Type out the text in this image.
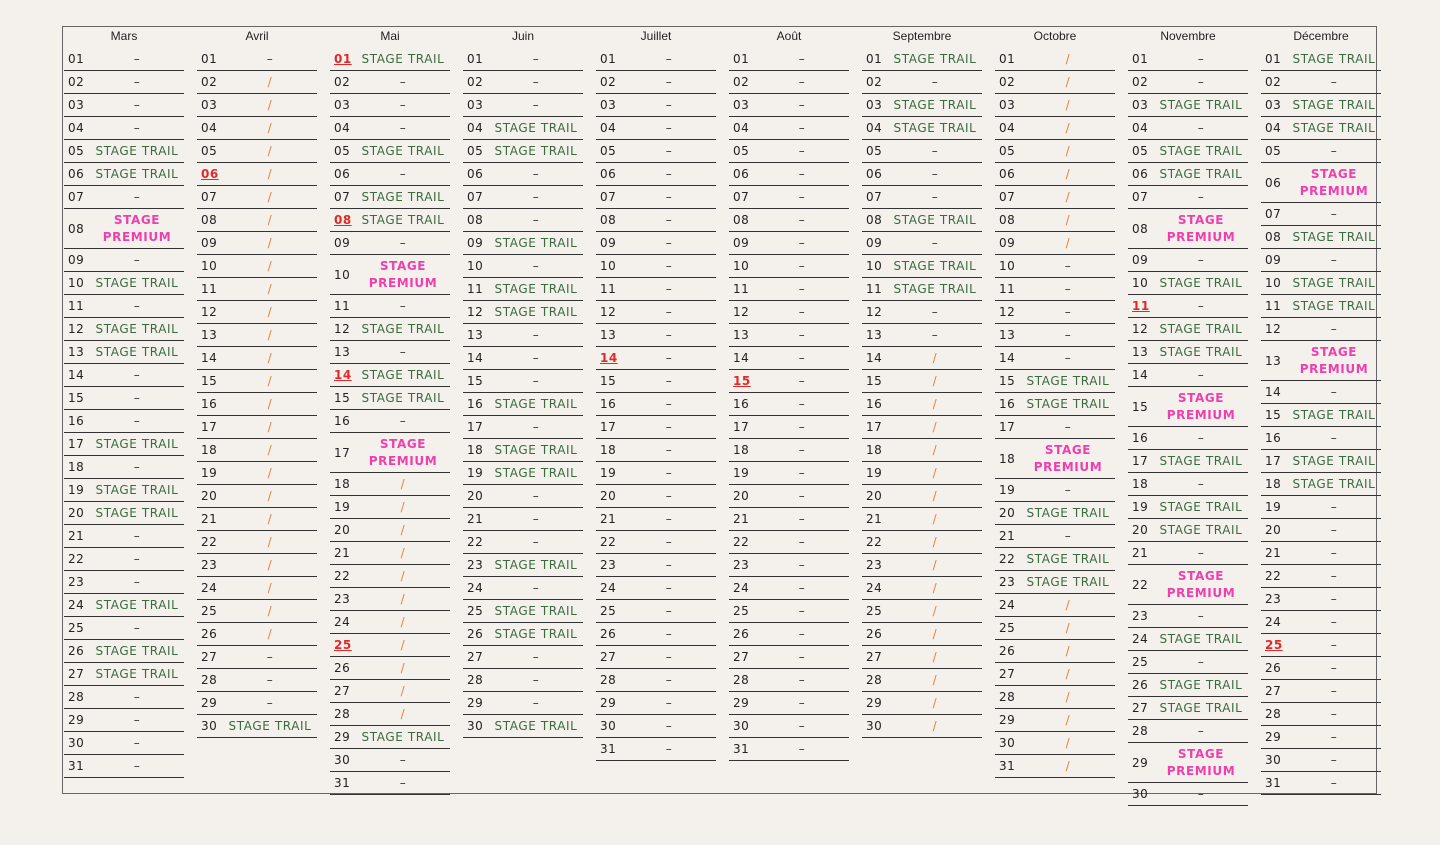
Mars
01	–
02	–
03	–
04	–
05 STAGE TRAIL
06 STAGE TRAIL
07	–
08
STAGE PREMIUM
09	–
10 STAGE TRAIL
11	–
12 STAGE TRAIL
13 STAGE TRAIL
14	–
15	–
16	–
17 STAGE TRAIL
18	–
19 STAGE TRAIL
20 STAGE TRAIL
21	–
22	–
23	–
24 STAGE TRAIL
25	–
26 STAGE TRAIL
27 STAGE TRAIL
28	–
29	–
30	–
31	–
Avril
01	–
02	/
03	/
04	/
05	/
06	/
07	/
08	/
09	/
10	/
11	/
12	/
13	/
14	/
15	/
16	/
17	/
18	/
19	/
20	/
21	/
22	/
23	/
24	/
25	/
26	/
27	–
28	–
29	–
30 STAGE TRAIL
Mai
01 STAGE TRAIL
02	–
03	–
04	–
05 STAGE TRAIL
06	–
07 STAGE TRAIL
08 STAGE TRAIL
09	–
10
STAGE PREMIUM
11	–
12 STAGE TRAIL
13	–
14 STAGE TRAIL
15 STAGE TRAIL
16	–
17
STAGE PREMIUM
18	/
19	/
20	/
21	/
22	/
23	/
24	/
25	/
26	/
27	/
28	/
29 STAGE TRAIL
30	–
31	–
Juin
01	–
02	–
03	–
04 STAGE TRAIL
05 STAGE TRAIL
06	–
07	–
08	–
09 STAGE TRAIL
10	–
11 STAGE TRAIL
12 STAGE TRAIL
13	–
14	–
15	–
16 STAGE TRAIL
17	–
18 STAGE TRAIL
19 STAGE TRAIL
20	–
21	–
22	–
23 STAGE TRAIL
24	–
25 STAGE TRAIL
26 STAGE TRAIL
27	–
28	–
29	–
30 STAGE TRAIL
Juillet
01	–
02	–
03	–
04	–
05	–
06	–
07	–
08	–
09	–
10	–
11	–
12	–
13	–
14	–
15	–
16	–
17	–
18	–
19	–
20	–
21	–
22	–
23	–
24	–
25	–
26	–
27	–
28	–
29	–
30	–
31	–
Août
01	–
02	–
03	–
04	–
05	–
06	–
07	–
08	–
09	–
10	–
11	–
12	–
13	–
14	–
15	–
16	–
17	–
18	–
19	–
20	–
21	–
22	–
23	–
24	–
25	–
26	–
27	–
28	–
29	–
30	–
31	–
Septembre
01 STAGE TRAIL
02	–
03 STAGE TRAIL
04 STAGE TRAIL
05	–
06	–
07	–
08 STAGE TRAIL
09	–
10 STAGE TRAIL
11 STAGE TRAIL
12	–
13	–
14	/
15	/
16	/
17	/
18	/
19	/
20	/
21	/
22	/
23	/
24	/
25	/
26	/
27	/
28	/
29	/
30	/
Octobre
01	/
02	/
03	/
04	/
05	/
06	/
07	/
08	/
09	/
10	–
11	–
12	–
13	–
14	–
15 STAGE TRAIL
16 STAGE TRAIL
17	–
18
STAGE PREMIUM
19	–
20 STAGE TRAIL
21	–
22 STAGE TRAIL
23 STAGE TRAIL
24	/
25	/
26	/
27	/
28	/
29	/
30	/
31	/
Novembre
01	–
02	–
03 STAGE TRAIL
04	–
05 STAGE TRAIL
06 STAGE TRAIL
07	–
08
STAGE PREMIUM
09	–
10 STAGE TRAIL
11	–
12 STAGE TRAIL
13 STAGE TRAIL
14	–
15
STAGE PREMIUM
16	–
17 STAGE TRAIL
18	–
19 STAGE TRAIL
20 STAGE TRAIL
21	–
22
STAGE PREMIUM
23	–
24 STAGE TRAIL
25	–
26 STAGE TRAIL
27 STAGE TRAIL
28	–
29
STAGE PREMIUM
30	–
Décembre
01 STAGE TRAIL
02	–
03 STAGE TRAIL
04 STAGE TRAIL
05	–
06
STAGE PREMIUM
07	–
08 STAGE TRAIL
09	–
10 STAGE TRAIL
11 STAGE TRAIL
12	–
13
STAGE PREMIUM
14	–
15 STAGE TRAIL
16	–
17 STAGE TRAIL
18 STAGE TRAIL
19	–
20	–
21	–
22	–
23	–
24	–
25	–
26	–
27	–
28	–
29	–
30	–
31	–
